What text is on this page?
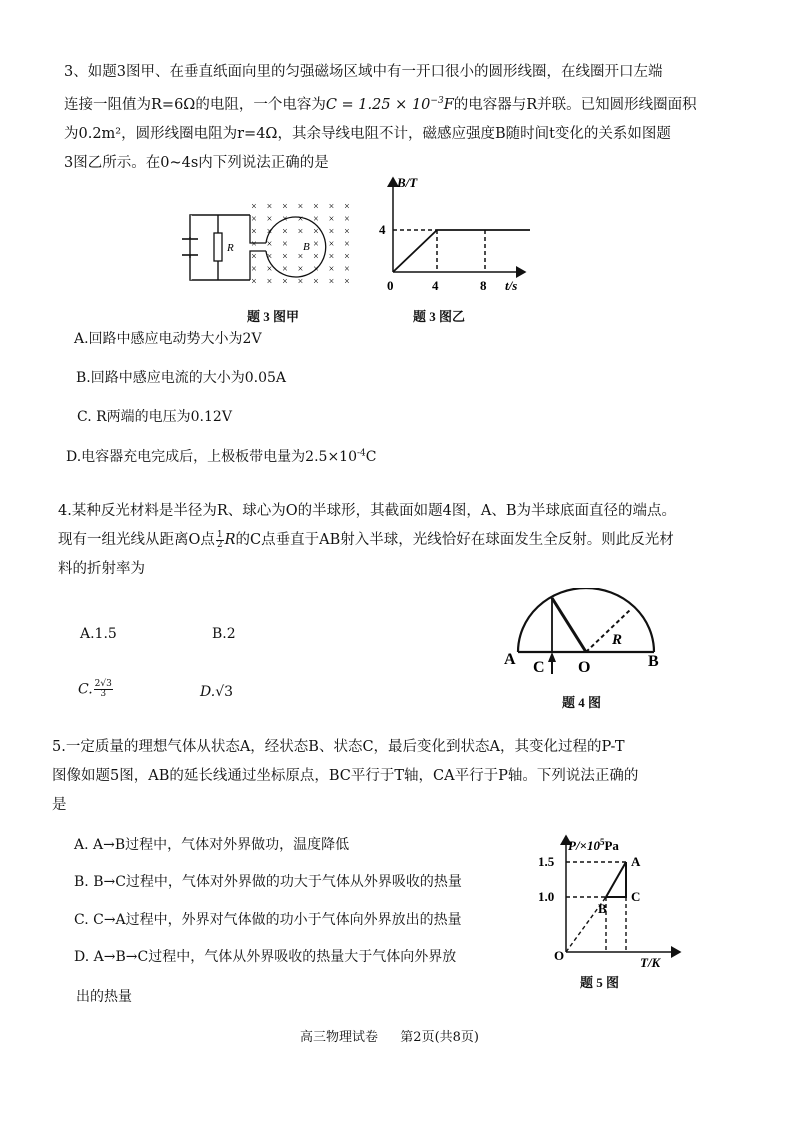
3、如题3图甲、在垂直纸面向里的匀强磁场区域中有一开口很小的圆形线圈，在线圈开口左端
连接一阻值为R=6Ω的电阻，一个电容为$C = 1.25 \times 10^{-3}F$的电容器与R并联。已知圆形线圈面积
为0.2m²，圆形线圈电阻为r=4Ω，其余导线电阻不计，磁感应强度B随时间t变化的关系如图题
3图乙所示。在0~4s内下列说法正确的是
R	B
× × × × × × ×
× × × × × × ×
× × × × × × ×
× × ×	× × ×
× × × × × × ×
× × × × × × ×
× × × × × × ×
题 3 图甲
B/T
t/s
0
4
4	8
题 3 图乙
A.回路中感应电动势大小为2V
B.回路中感应电流的大小为0.05A
C. R两端的电压为0.12V
D.电容器充电完成后，上极板带电量为$2.5\times 10^{-4}C$
4.某种反光材料是半径为R、球心为O的半球形，其截面如题4图，A、B为半球底面直径的端点。
现有一组光线从距离O点 $\frac{1}{2}$ R的C点垂直于AB射入半球，光线恰好在球面发生全反射。则此反光材
料的折射率为
A.1.5	B.2
C. $\frac{2√3}{3}$	D.√3
A C O	B
R
题 4 图
5.一定质量的理想气体从状态A，经状态B、状态C，最后变化到状态A，其变化过程的P-T
图像如题5图，AB的延长线通过坐标原点，BC平行于T轴，CA平行于P轴。下列说法正确的
是
A. A→B过程中，气体对外界做功，温度降低
B. B→C过程中，气体对外界做的功大于气体从外界吸收的热量
C. C→A过程中，外界对气体做的功小于气体向外界放出的热量
D. A→B→C过程中，气体从外界吸收的热量大于气体向外界放
出的热量
$P/\times 10^5Pa$
T/K
O
1.5
1.0
A
B
C
题 5 图
高三物理试卷 第2页(共8页)
